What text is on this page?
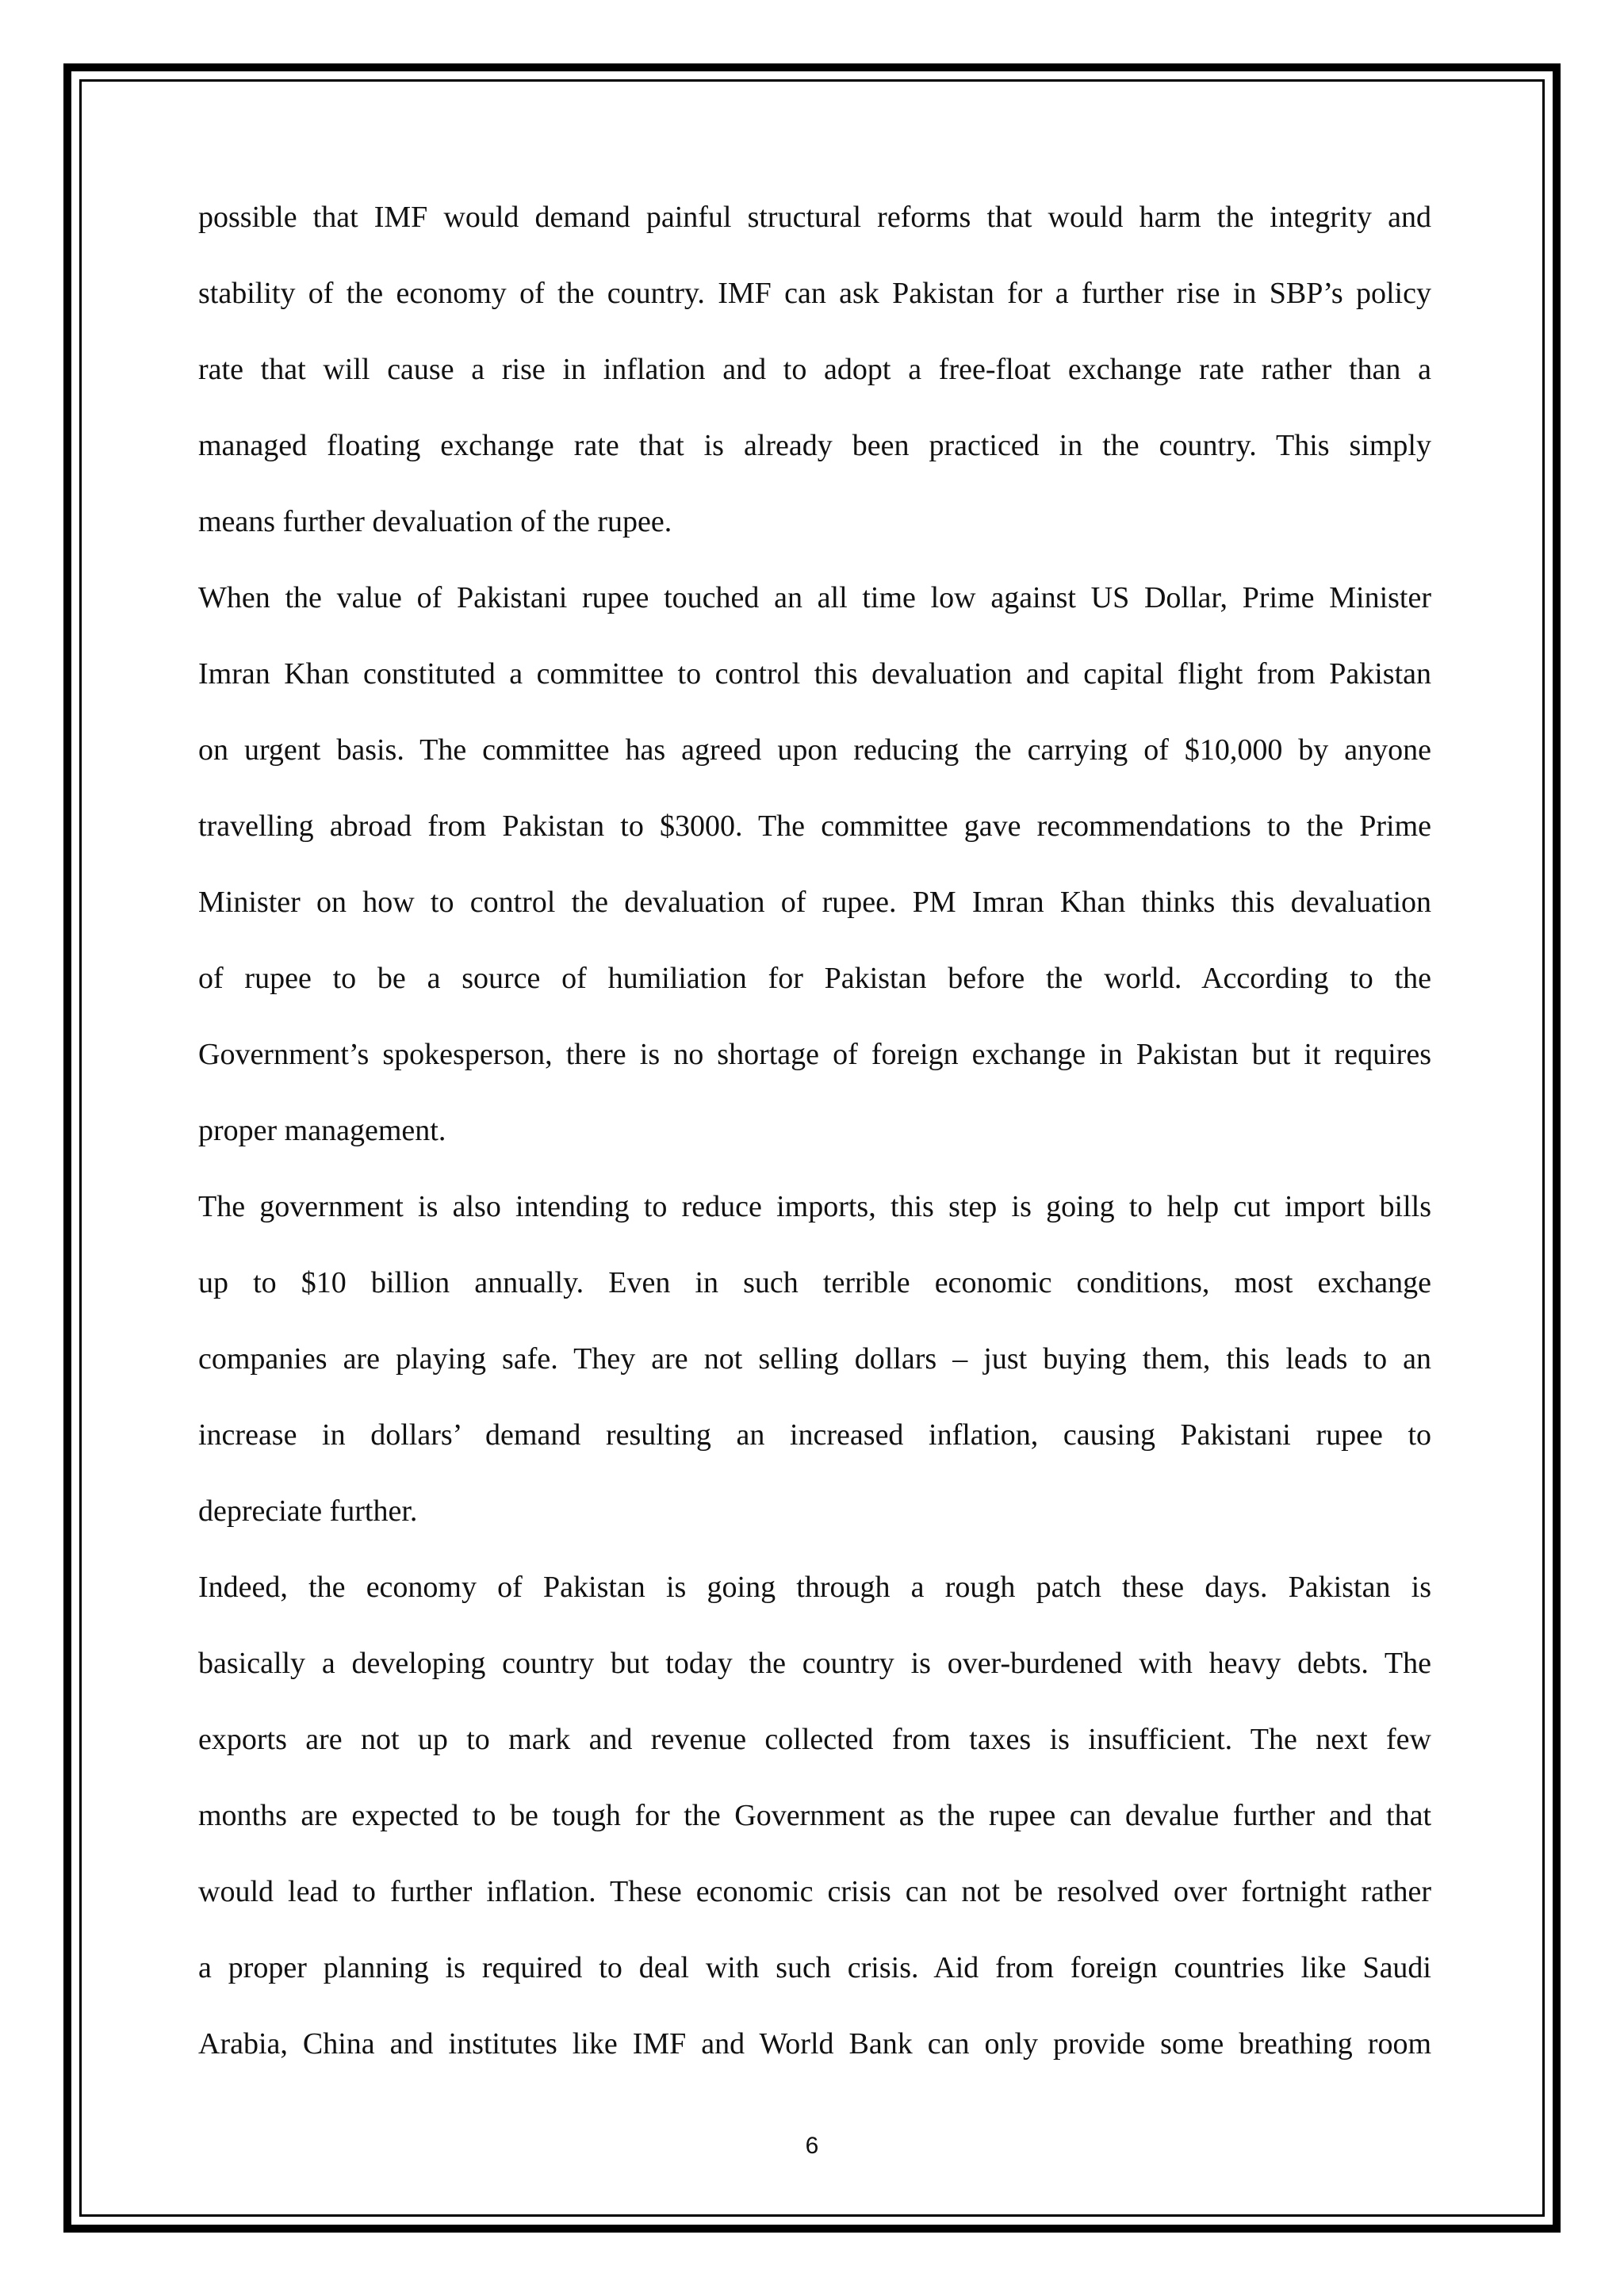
possible that IMF would demand painful structural reforms that would harm the integrity and
stability of the economy of the country. IMF can ask Pakistan for a further rise in SBP’s policy
rate that will cause a rise in inflation and to adopt a free-float exchange rate rather than a
managed floating exchange rate that is already been practiced in the country. This simply
means further devaluation of the rupee.
When the value of Pakistani rupee touched an all time low against US Dollar, Prime Minister
Imran Khan constituted a committee to control this devaluation and capital flight from Pakistan
on urgent basis. The committee has agreed upon reducing the carrying of $10,000 by anyone
travelling abroad from Pakistan to $3000. The committee gave recommendations to the Prime
Minister on how to control the devaluation of rupee. PM Imran Khan thinks this devaluation
of rupee to be a source of humiliation for Pakistan before the world. According to the
Government’s spokesperson, there is no shortage of foreign exchange in Pakistan but it requires
proper management.
The government is also intending to reduce imports, this step is going to help cut import bills
up to $10 billion annually. Even in such terrible economic conditions, most exchange
companies are playing safe. They are not selling dollars – just buying them, this leads to an
increase in dollars’ demand resulting an increased inflation, causing Pakistani rupee to
depreciate further.
Indeed, the economy of Pakistan is going through a rough patch these days. Pakistan is
basically a developing country but today the country is over-burdened with heavy debts. The
exports are not up to mark and revenue collected from taxes is insufficient. The next few
months are expected to be tough for the Government as the rupee can devalue further and that
would lead to further inflation. These economic crisis can not be resolved over fortnight rather
a proper planning is required to deal with such crisis. Aid from foreign countries like Saudi
Arabia, China and institutes like IMF and World Bank can only provide some breathing room
6
